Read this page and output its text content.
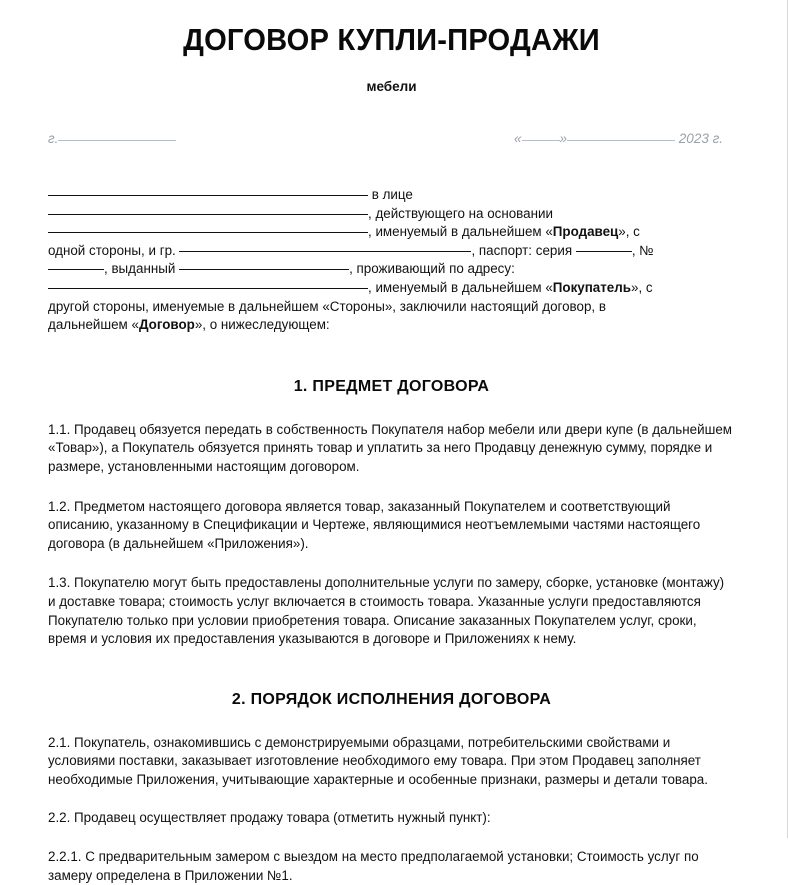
ДОГОВОР КУПЛИ-ПРОДАЖИ
мебели
г.	«	»	2023 г.

в лице

, действующего на основании

, именуемый в дальнейшем «Продавец», с

одной стороны, и гр.	, паспорт: серия	, №

, выданный	, проживающий по адресу:

, именуемый в дальнейшем «Покупатель», с

другой стороны, именуемые в дальнейшем «Стороны», заключили настоящий договор, в

дальнейшем «Договор», о нижеследующем:

1. ПРЕДМЕТ ДОГОВОРА

1.1. Продавец обязуется передать в собственность Покупателя набор мебели или двери купе (в дальнейшем «Товар»), а Покупатель обязуется принять товар и уплатить за него Продавцу денежную сумму, порядке и размере, установленными настоящим договором.

1.2. Предметом настоящего договора является товар, заказанный Покупателем и соответствующий описанию, указанному в Спецификации и Чертеже, являющимися неотъемлемыми частями настоящего договора (в дальнейшем «Приложения»).

1.3. Покупателю могут быть предоставлены дополнительные услуги по замеру, сборке, установке (монтажу) и доставке товара; стоимость услуг включается в стоимость товара. Указанные услуги предоставляются Покупателю только при условии приобретения товара. Описание заказанных Покупателем услуг, сроки, время и условия их предоставления указываются в договоре и Приложениях к нему.

2. ПОРЯДОК ИСПОЛНЕНИЯ ДОГОВОРА

2.1. Покупатель, ознакомившись с демонстрируемыми образцами, потребительскими свойствами и условиями поставки, заказывает изготовление необходимого ему товара. При этом Продавец заполняет необходимые Приложения, учитывающие характерные и особенные признаки, размеры и детали товара.

2.2. Продавец осуществляет продажу товара (отметить нужный пункт):

2.2.1. С предварительным замером с выездом на место предполагаемой установки; Стоимость услуг по замеру определена в Приложении №1.
